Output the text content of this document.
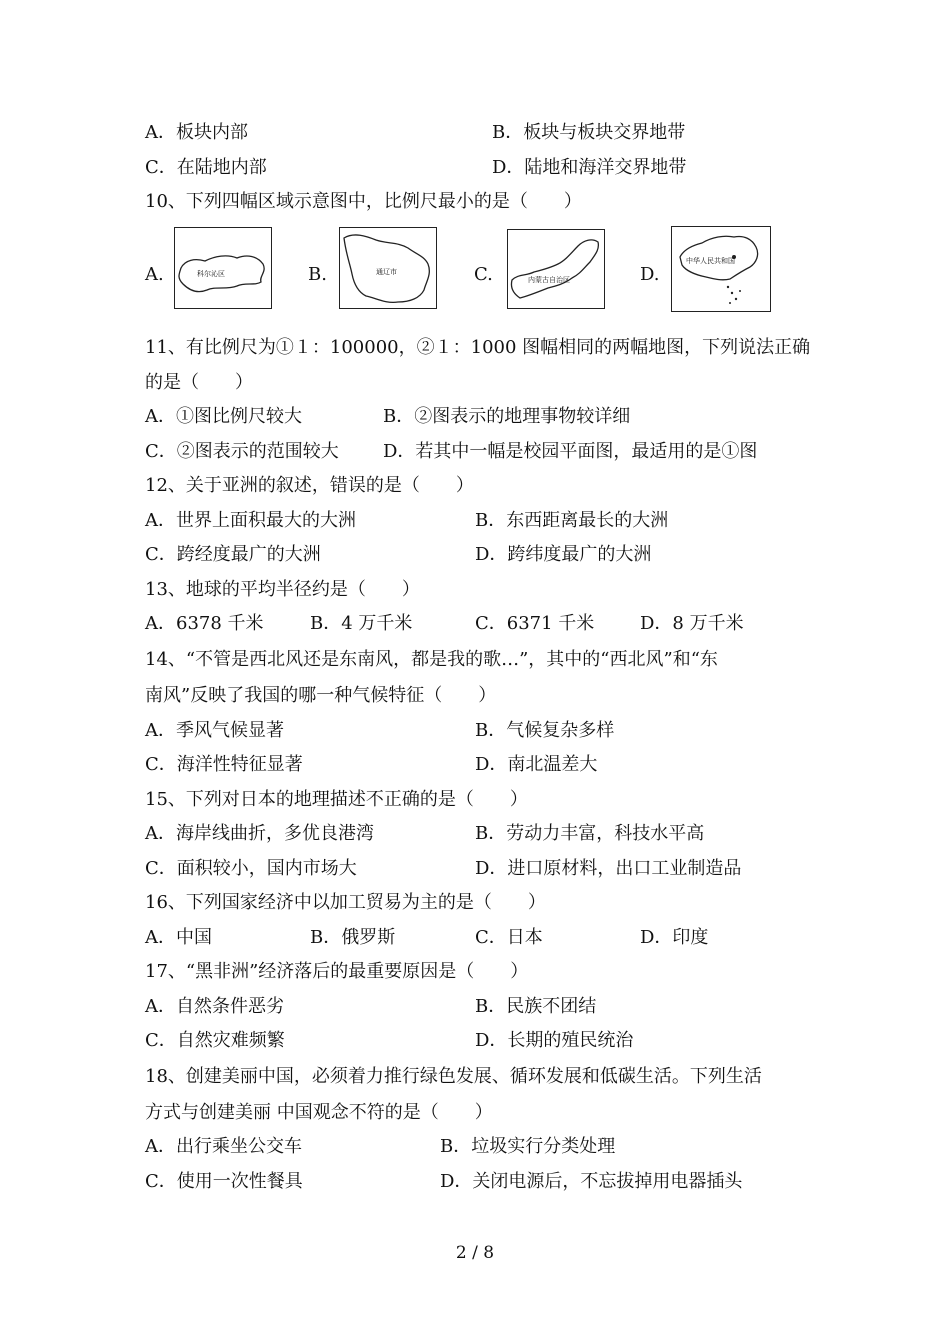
A．板块内部	B．板块与板块交界地带
C．在陆地内部	D．陆地和海洋交界地带
10、下列四幅区域示意图中，比例尺最小的是（　　）
A.	科尔沁区	B.	通辽市	C.	内蒙古自治区	D.
中华人民共和国
11、有比例尺为①１：100000，②１：1000 图幅相同的两幅地图，下列说法正确
的是（　　）
A．①图比例尺较大	B．②图表示的地理事物较详细
C．②图表示的范围较大 D．若其中一幅是校园平面图，最适用的是①图
12、关于亚洲的叙述，错误的是（　　）
A．世界上面积最大的大洲	B．东西距离最长的大洲
C．跨经度最广的大洲	D．跨纬度最广的大洲
13、地球的平均半径约是（　　）
A．6378 千米	B．4 万千米	C．6371 千米	D．8 万千米
14、“不管是西北风还是东南风，都是我的歌…”，其中的“西北风”和“东
南风”反映了我国的哪一种气候特征（　　）
A．季风气候显著	B．气候复杂多样
C．海洋性特征显著	D．南北温差大
15、下列对日本的地理描述不正确的是（　　）
A．海岸线曲折，多优良港湾	B．劳动力丰富，科技水平高
C．面积较小，国内市场大	D．进口原材料，出口工业制造品
16、下列国家经济中以加工贸易为主的是（　　）
A．中国	B．俄罗斯	C．日本	D．印度
17、“黑非洲”经济落后的最重要原因是（　　）
A．自然条件恶劣	B．民族不团结
C．自然灾难频繁	D．长期的殖民统治
18、创建美丽中国，必须着力推行绿色发展、循环发展和低碳生活。下列生活
方式与创建美丽 中国观念不符的是（　　）
A．出行乘坐公交车	B．垃圾实行分类处理
C．使用一次性餐具	D．关闭电源后，不忘拔掉用电器插头
2 / 8
